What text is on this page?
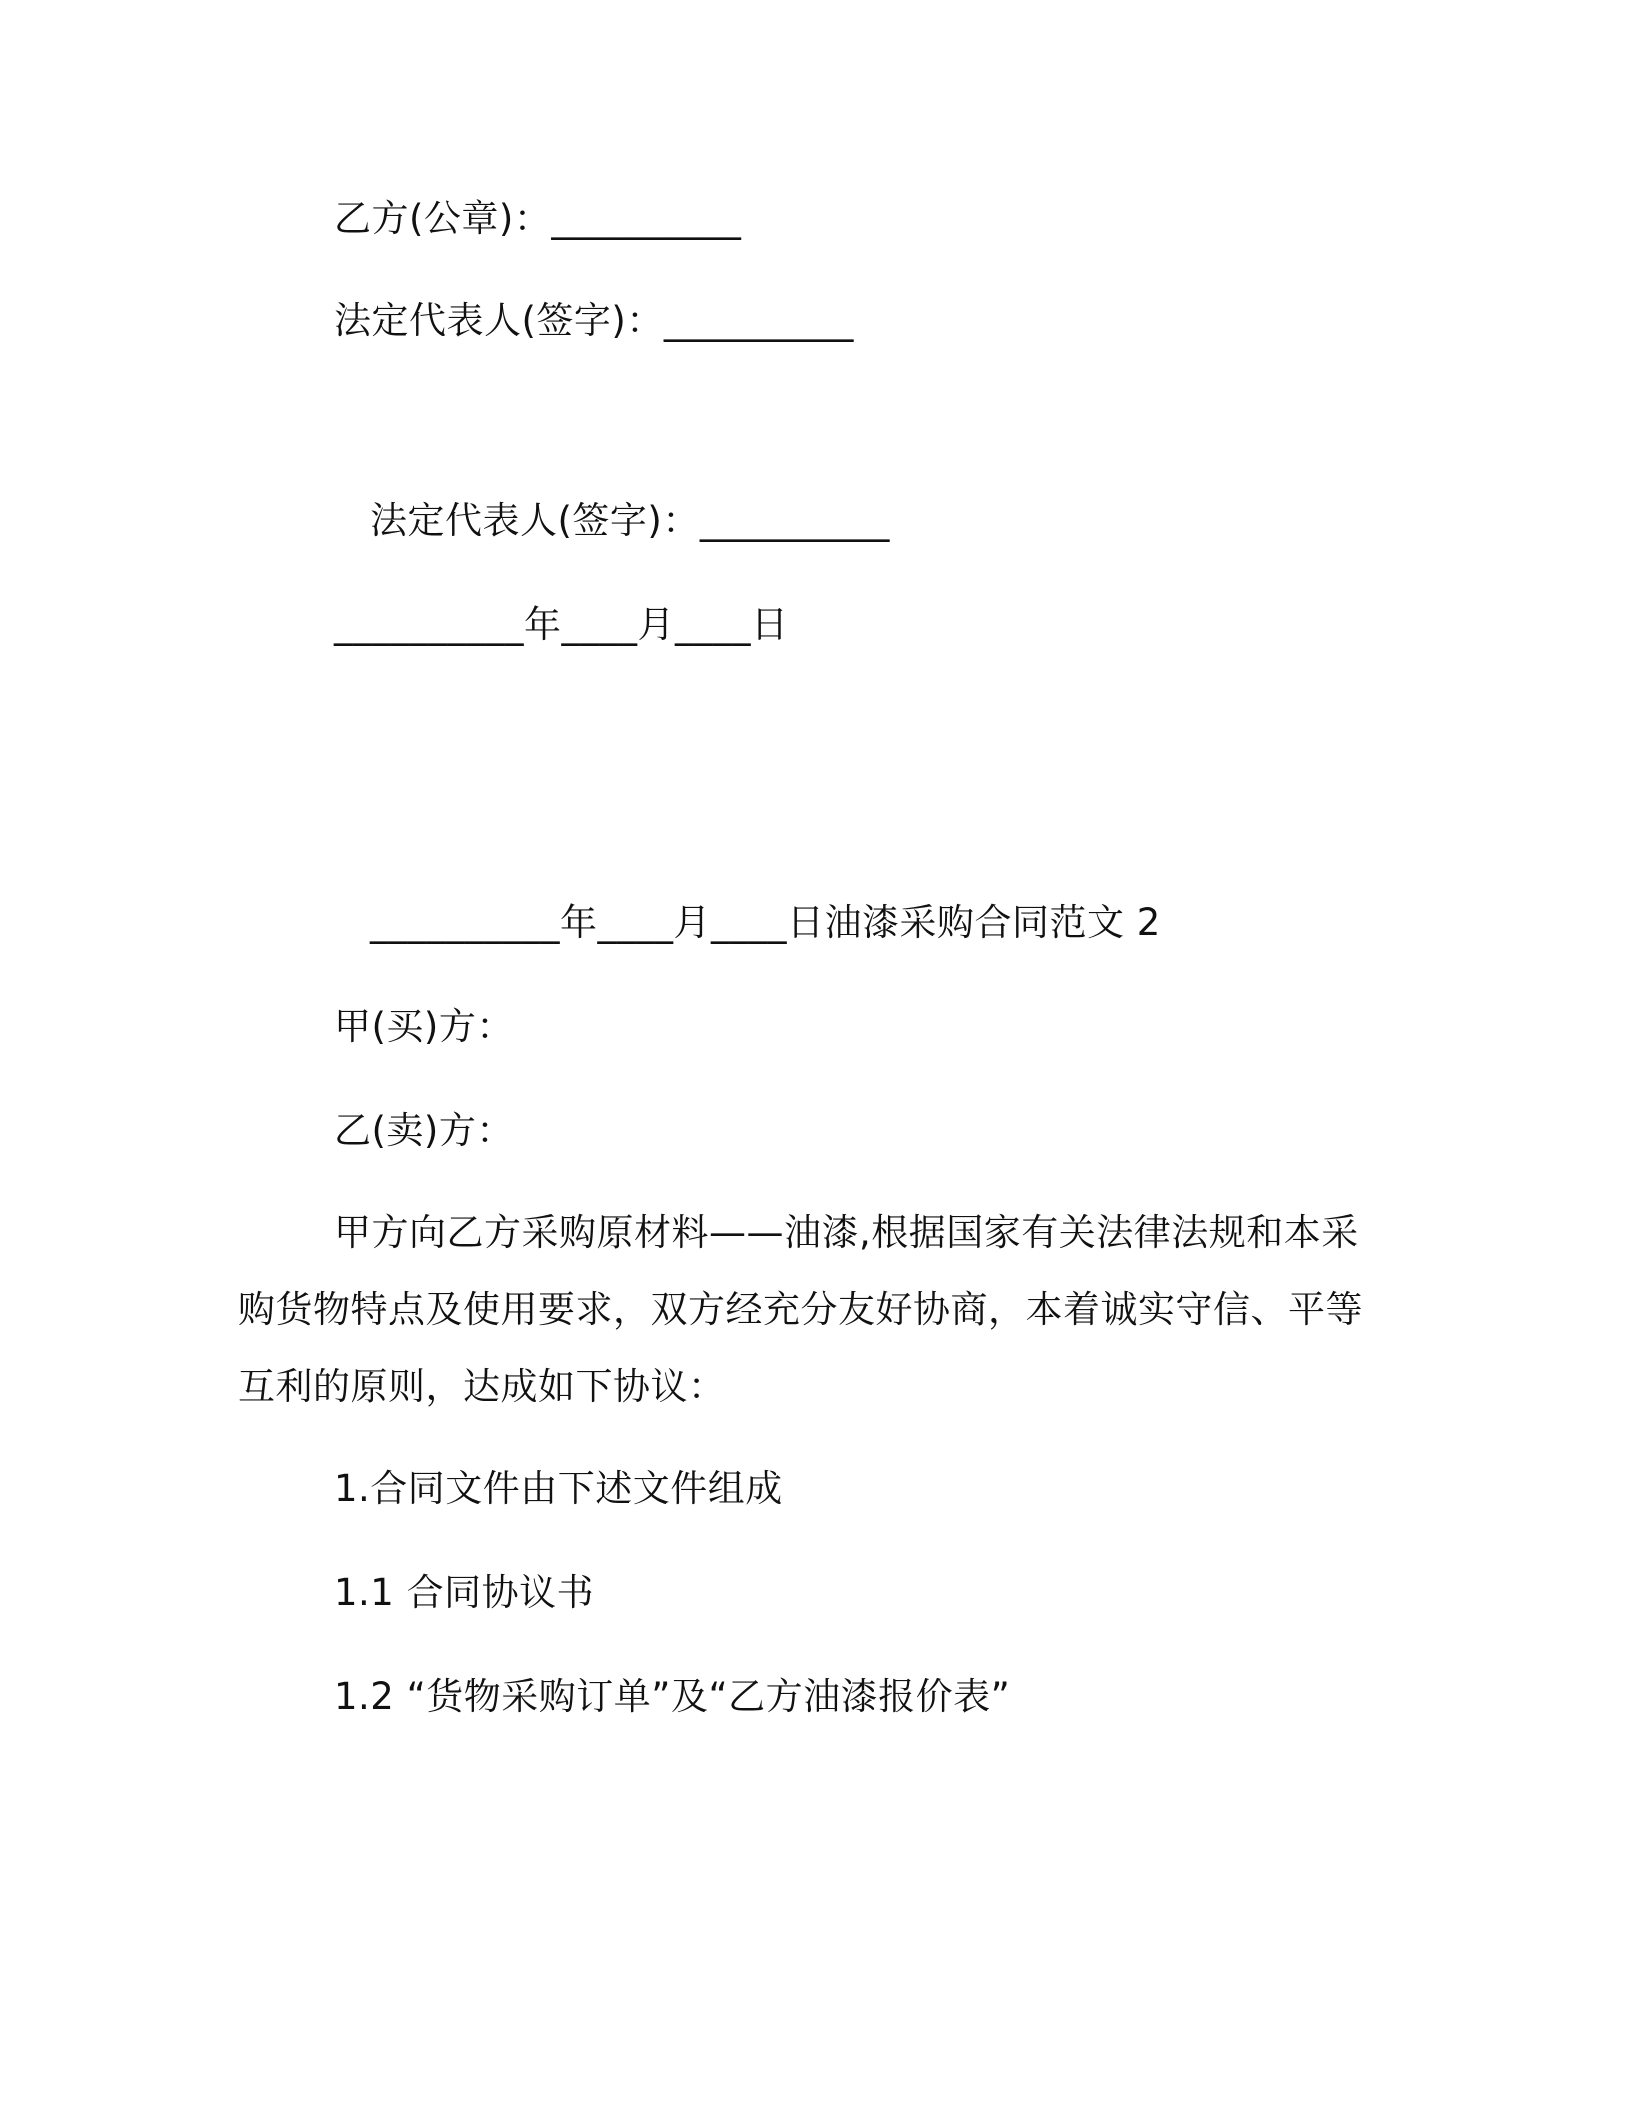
乙方(公章)：__________
法定代表人(签字)：__________
法定代表人(签字)：__________
__________年____月____日
__________年____月____日油漆采购合同范文 2
甲(买)方：
乙(卖)方：
甲方向乙方采购原材料——油漆,根据国家有关法律法规和本采购货物特点及使用要求，双方经充分友好协商，本着诚实守信、平等互利的原则，达成如下协议：
1.合同文件由下述文件组成
1.1 合同协议书
1.2 “货物采购订单”及“乙方油漆报价表”
